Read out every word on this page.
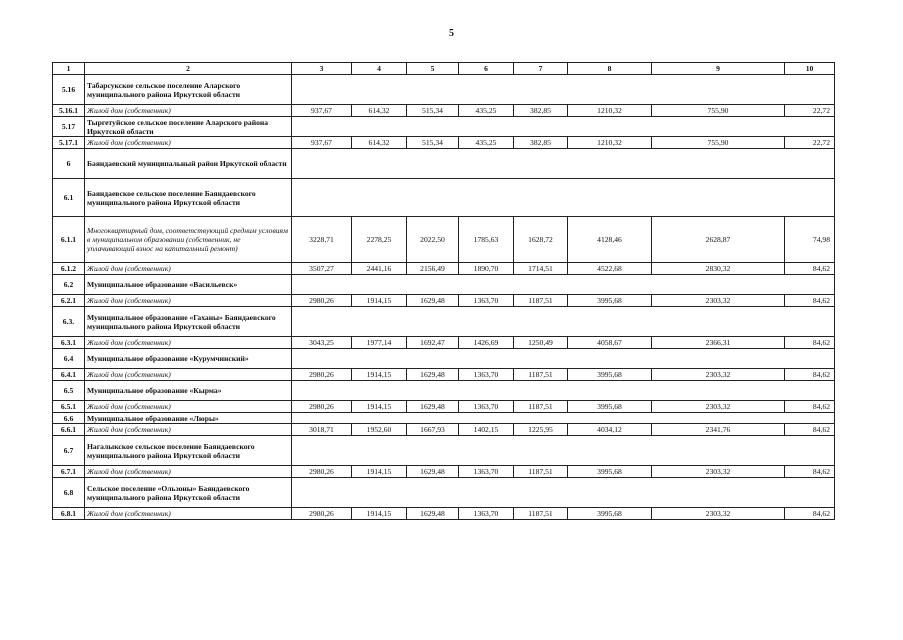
5
1	2	3	4	5	6	7	8	9	10
5.16	Табарсукское сельское поселение Аларского муниципального района Иркутской области								
5.16.1	Жилой дом (собственник)	937,67	614,32	515,34	435,25	382,85	1210,32	755,90	22,72
5.17	Тыргетуйское сельское поселение Аларского района Иркутской области								
5.17.1	Жилой дом (собственник)	937,67	614,32	515,34	435,25	382,85	1210,32	755,90	22,72
6	Баяндаевский муниципальный район Иркутской области								
6.1	Баяндаевское сельское поселение Баяндаевского муниципального района Иркутской области								
6.1.1	Многоквартирный дом, соответствующий средним условиям в муниципальном образовании (собственник, не уплачивающий взнос на капитальный ремонт)	3228,71	2278,25	2022,50	1785,63	1628,72	4128,46	2628,87	74,98
6.1.2	Жилой дом (собственник)	3507,27	2441,16	2156,49	1890,70	1714,51	4522,68	2830,32	84,62
6.2	Муниципальное образование «Васильевск»								
6.2.1	Жилой дом (собственник)	2980,26	1914,15	1629,48	1363,70	1187,51	3995,68	2303,32	84,62
6.3.	Муниципальное образование «Гаханы» Баяндаевского муниципального района Иркутской области								
6.3.1	Жилой дом (собственник)	3043,25	1977,14	1692,47	1426,69	1250,49	4058,67	2366,31	84,62
6.4	Муниципальное образование «Курумчинский»								
6.4.1	Жилой дом (собственник)	2980,26	1914,15	1629,48	1363,70	1187,51	3995,68	2303,32	84,62
6.5	Муниципальное образование «Кырма»								
6.5.1	Жилой дом (собственник)	2980,26	1914,15	1629,48	1363,70	1187,51	3995,68	2303,32	84,62
6.6	Муниципальное образование «Люры»								
6.6.1	Жилой дом (собственник)	3018,71	1952,60	1667,93	1402,15	1225,95	4034,12	2341,76	84,62
6.7	Нагалыкское сельское поселение Баяндаевского муниципального района Иркутской области								
6.7.1	Жилой дом (собственник)	2980,26	1914,15	1629,48	1363,70	1187,51	3995,68	2303,32	84,62
6.8	Сельское поселение «Ользоны» Баяндаевского муниципального района Иркутской области								
6.8.1	Жилой дом (собственник)	2980,26	1914,15	1629,48	1363,70	1187,51	3995,68	2303,32	84,62
